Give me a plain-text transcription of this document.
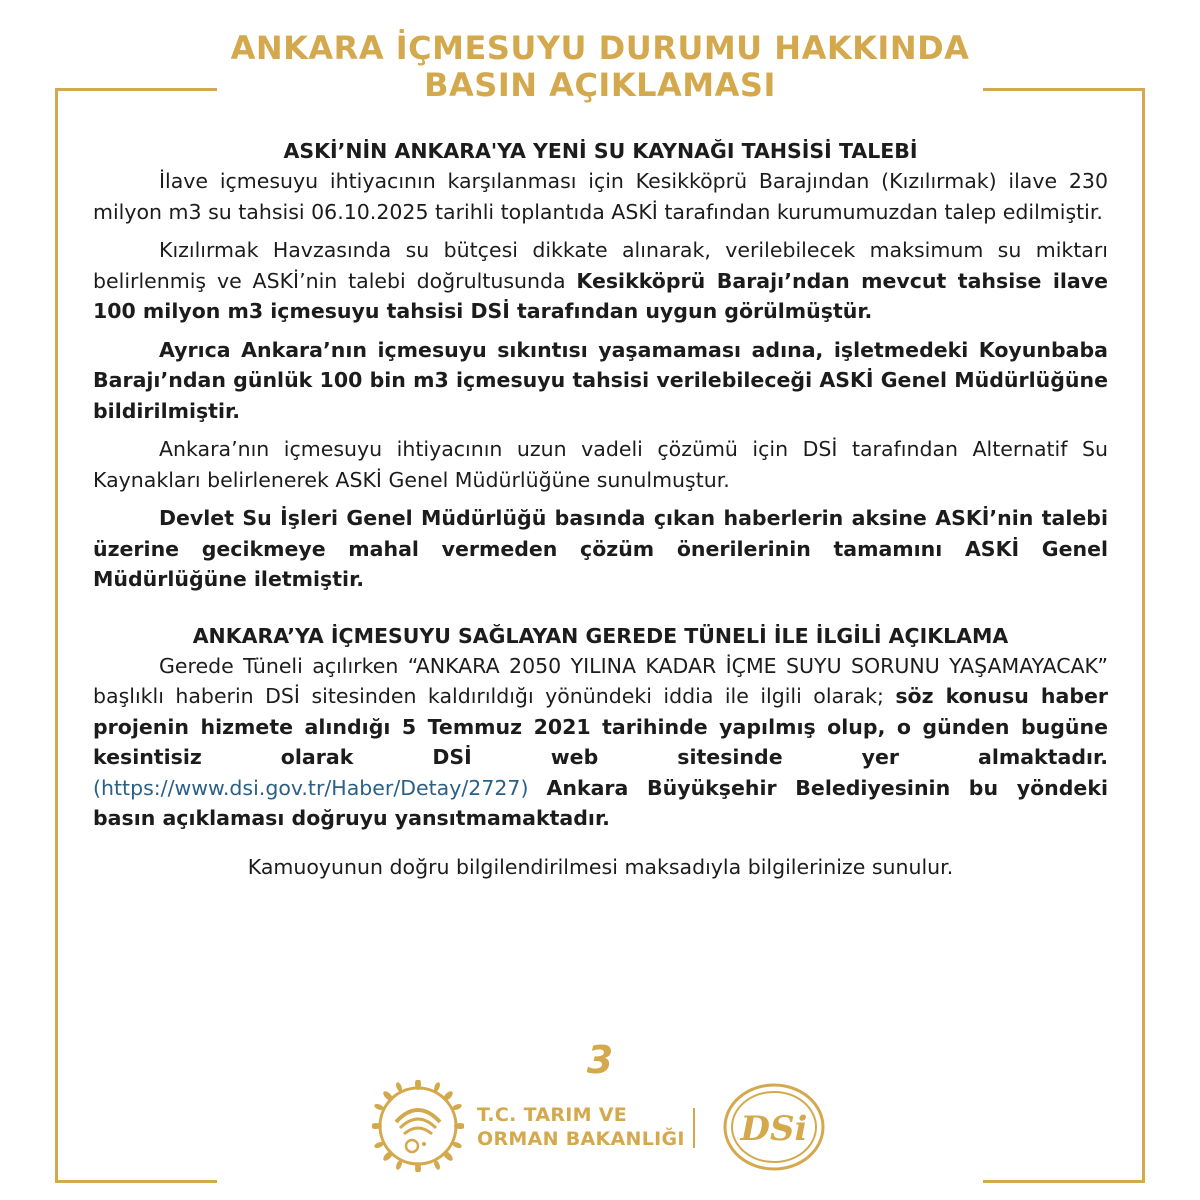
ANKARA İÇMESUYU DURUMU HAKKINDA
BASIN AÇIKLAMASI
ASKİ’NİN ANKARA'YA YENİ SU KAYNAĞI TAHSİSİ TALEBİ

İlave içmesuyu ihtiyacının karşılanması için Kesikköprü Barajından (Kızılırmak) ilave 230 milyon m3 su tahsisi 06.10.2025 tarihli toplantıda ASKİ tarafından kurumumuzdan talep edilmiştir.

Kızılırmak Havzasında su bütçesi dikkate alınarak, verilebilecek maksimum su miktarı belirlenmiş ve ASKİ’nin talebi doğrultusunda Kesikköprü Barajı’ndan mevcut tahsise ilave 100 milyon m3 içmesuyu tahsisi DSİ tarafından uygun görülmüştür.

Ayrıca Ankara’nın içmesuyu sıkıntısı yaşamaması adına, işletmedeki Koyunbaba Barajı’ndan günlük 100 bin m3 içmesuyu tahsisi verilebileceği ASKİ Genel Müdürlüğüne bildirilmiştir.

Ankara’nın içmesuyu ihtiyacının uzun vadeli çözümü için DSİ tarafından Alternatif Su Kaynakları belirlenerek ASKİ Genel Müdürlüğüne sunulmuştur.

Devlet Su İşleri Genel Müdürlüğü basında çıkan haberlerin aksine ASKİ’nin talebi üzerine gecikmeye mahal vermeden çözüm önerilerinin tamamını ASKİ Genel Müdürlüğüne iletmiştir.

ANKARA’YA İÇMESUYU SAĞLAYAN GEREDE TÜNELİ İLE İLGİLİ AÇIKLAMA

Gerede Tüneli açılırken “ANKARA 2050 YILINA KADAR İÇME SUYU SORUNU YAŞAMAYACAK” başlıklı haberin DSİ sitesinden kaldırıldığı yönündeki iddia ile ilgili olarak; söz konusu haber projenin hizmete alındığı 5 Temmuz 2021 tarihinde yapılmış olup, o günden bugüne kesintisiz olarak DSİ web sitesinde yer almaktadır. (https://www.dsi.gov.tr/Haber/Detay/2727) Ankara Büyükşehir Belediyesinin bu yöndeki basın açıklaması doğruyu yansıtmamaktadır.

Kamuoyunun doğru bilgilendirilmesi maksadıyla bilgilerinize sunulur.

3
T.C. TARIM VE
ORMAN BAKANLIĞI DSi
